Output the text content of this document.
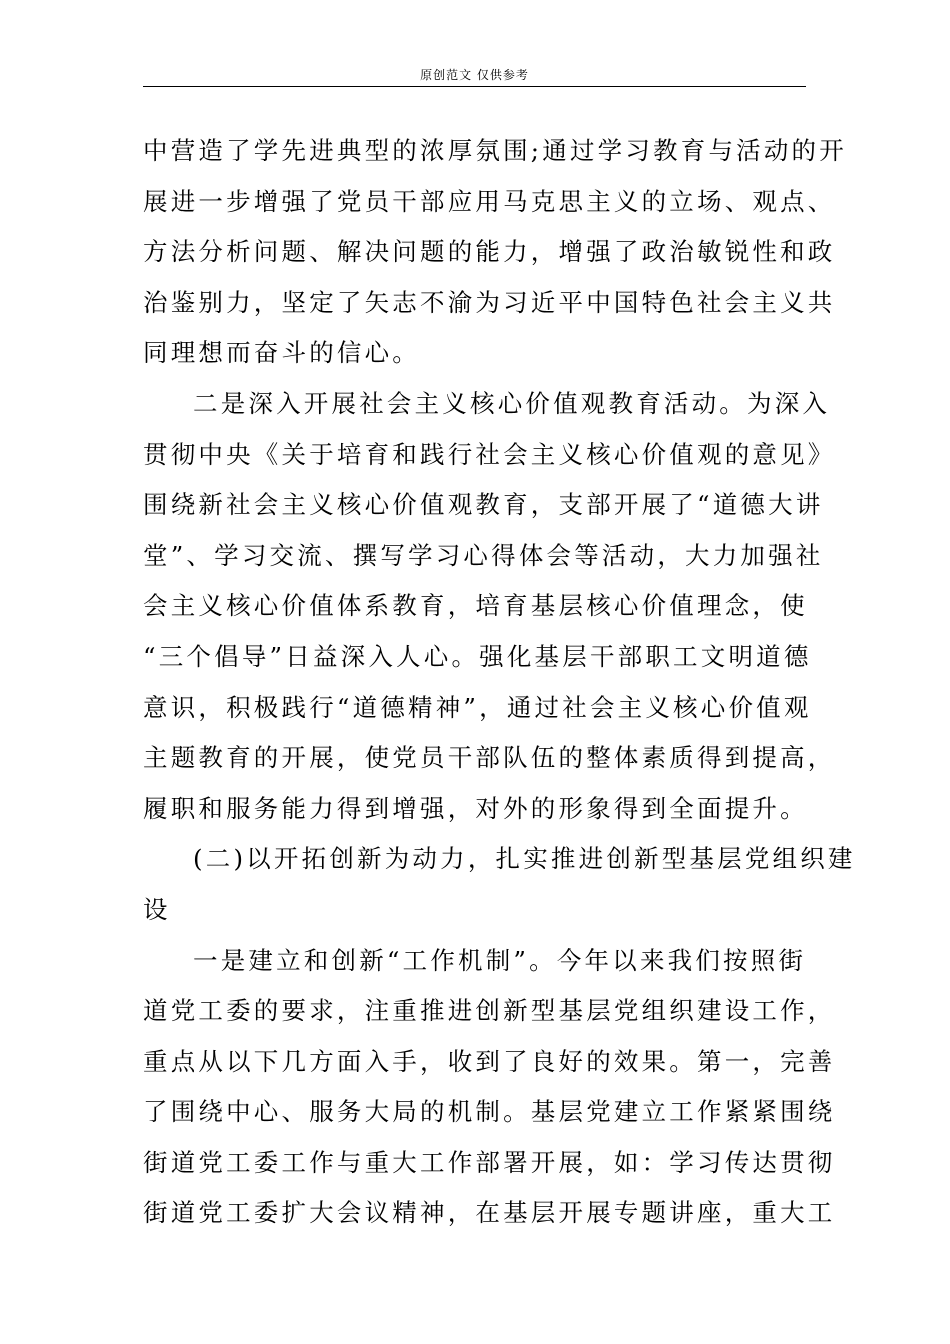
原创范文 仅供参考
中营造了学先进典型的浓厚氛围;通过学习教育与活动的开
展进一步增强了党员干部应用马克思主义的立场、观点、
方法分析问题、解决问题的能力，增强了政治敏锐性和政
治鉴别力，坚定了矢志不渝为习近平中国特色社会主义共
同理想而奋斗的信心。
二是深入开展社会主义核心价值观教育活动。为深入
贯彻中央《关于培育和践行社会主义核心价值观的意见》
围绕新社会主义核心价值观教育，支部开展了“道德大讲
堂”、学习交流、撰写学习心得体会等活动，大力加强社
会主义核心价值体系教育，培育基层核心价值理念，使
“三个倡导”日益深入人心。强化基层干部职工文明道德
意识，积极践行“道德精神”，通过社会主义核心价值观
主题教育的开展，使党员干部队伍的整体素质得到提高，
履职和服务能力得到增强，对外的形象得到全面提升。
(二)以开拓创新为动力，扎实推进创新型基层党组织建
设
一是建立和创新“工作机制”。今年以来我们按照街
道党工委的要求，注重推进创新型基层党组织建设工作，
重点从以下几方面入手，收到了良好的效果。第一，完善
了围绕中心、服务大局的机制。基层党建立工作紧紧围绕
街道党工委工作与重大工作部署开展，如：学习传达贯彻
街道党工委扩大会议精神，在基层开展专题讲座，重大工
